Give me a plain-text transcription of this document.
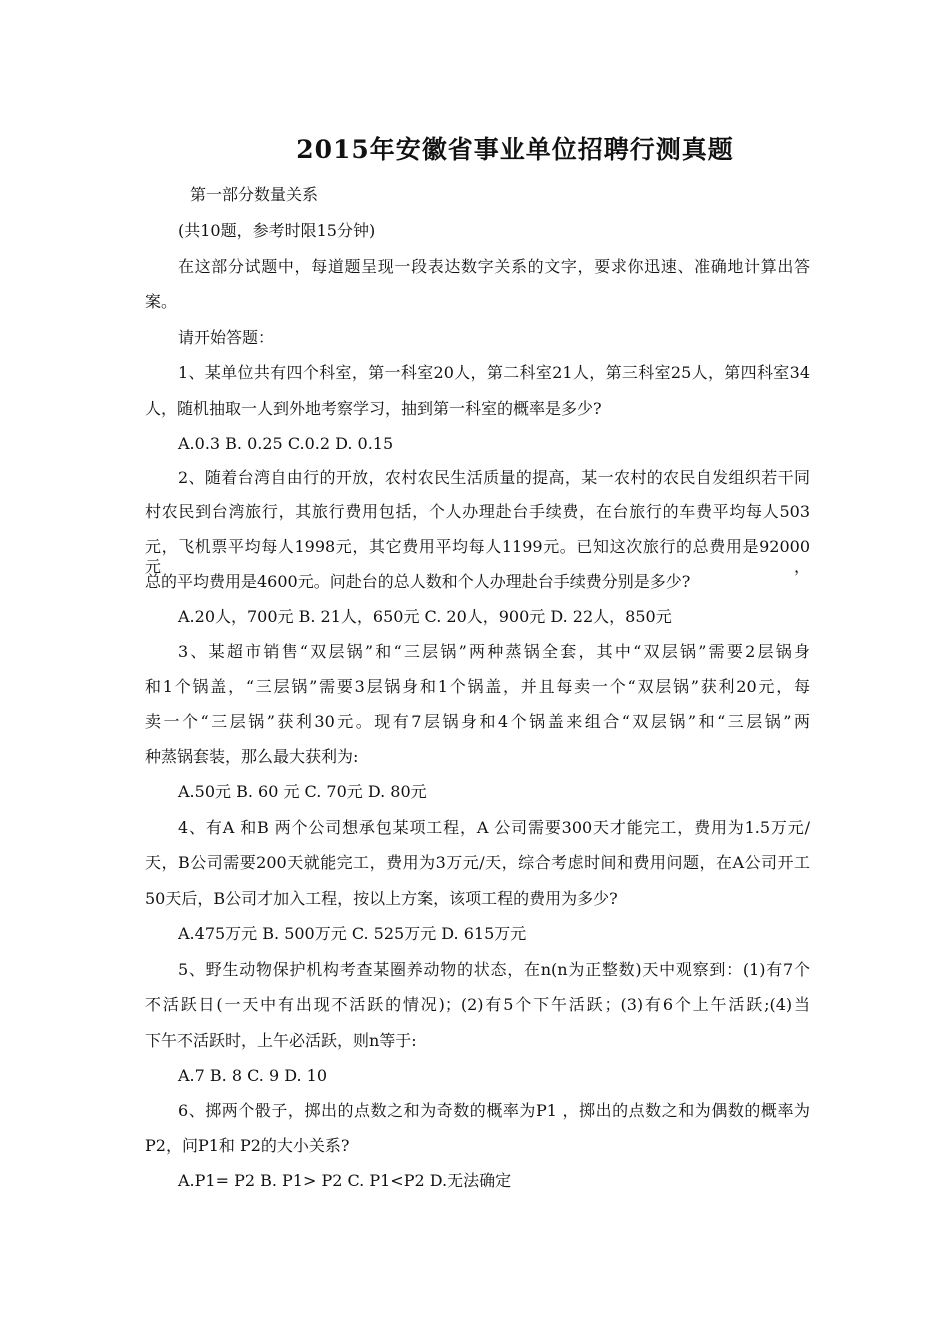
2015年安徽省事业单位招聘行测真题
第一部分数量关系
(共10题，参考时限15分钟)
在这部分试题中，每道题呈现一段表达数字关系的文字，要求你迅速、准确地计算出答
案。
请开始答题：
1、某单位共有四个科室，第一科室20人，第二科室21人，第三科室25人，第四科室34
人，随机抽取一人到外地考察学习，抽到第一科室的概率是多少?
A.0.3 B. 0.25 C.0.2 D. 0.15
2、随着台湾自由行的开放，农村农民生活质量的提高，某一农村的农民自发组织若干同
村农民到台湾旅行，其旅行费用包括，个人办理赴台手续费，在台旅行的车费平均每人503
元，飞机票平均每人1998元，其它费用平均每人1199元。已知这次旅行的总费用是92000元，
总的平均费用是4600元。问赴台的总人数和个人办理赴台手续费分别是多少?
A.20人，700元 B. 21人，650元 C. 20人，900元 D. 22人，850元
3、某超市销售“双层锅”和“三层锅”两种蒸锅全套，其中“双层锅”需要2层锅身
和1个锅盖，“三层锅”需要3层锅身和1个锅盖，并且每卖一个“双层锅”获利20元，每
卖一个“三层锅”获利30元。现有7层锅身和4个锅盖来组合“双层锅”和“三层锅”两
种蒸锅套装，那么最大获利为:
A.50元 B. 60 元 C. 70元 D. 80元
4、有A 和B 两个公司想承包某项工程，A 公司需要300天才能完工，费用为1.5万元/
天，B公司需要200天就能完工，费用为3万元/天，综合考虑时间和费用问题，在A公司开工
50天后，B公司才加入工程，按以上方案，该项工程的费用为多少?
A.475万元 B. 500万元 C. 525万元 D. 615万元
5、野生动物保护机构考查某圈养动物的状态，在n(n为正整数)天中观察到：(1)有7个
不活跃日(一天中有出现不活跃的情况)；(2)有5个下午活跃；(3)有6个上午活跃;(4)当
下午不活跃时，上午必活跃，则n等于:
A.7 B. 8 C. 9 D. 10
6、掷两个骰子，掷出的点数之和为奇数的概率为P1 ，掷出的点数之和为偶数的概率为
P2，问P1和 P2的大小关系?
A.P1= P2 B. P1> P2 C. P1<P2 D.无法确定
